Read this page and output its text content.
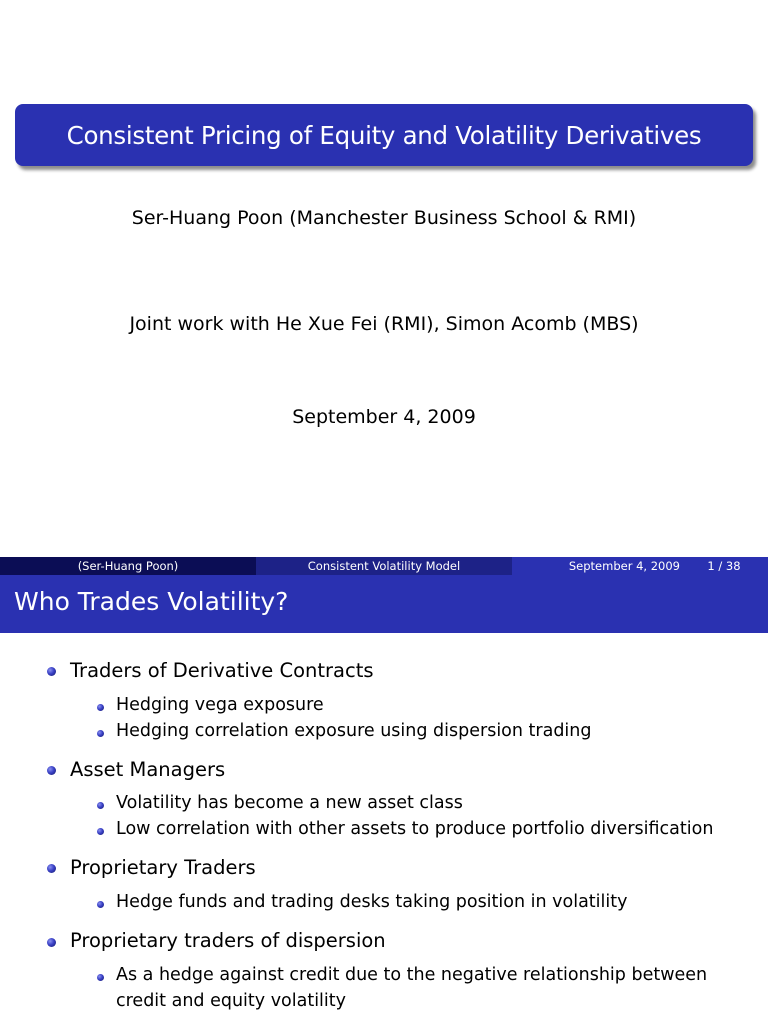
Consistent Pricing of Equity and Volatility Derivatives
Ser-Huang Poon (Manchester Business School & RMI)
Joint work with He Xue Fei (RMI), Simon Acomb (MBS)
September 4, 2009
(Ser-Huang Poon)	Consistent Volatility Model	September 4, 2009	1 / 38
Who Trades Volatility?
Traders of Derivative Contracts
Hedging vega exposure
Hedging correlation exposure using dispersion trading
Asset Managers
Volatility has become a new asset class
Low correlation with other assets to produce portfolio diversification
Proprietary Traders
Hedge funds and trading desks taking position in volatility
Proprietary traders of dispersion
As a hedge against credit due to the negative relationship between
credit and equity volatility
